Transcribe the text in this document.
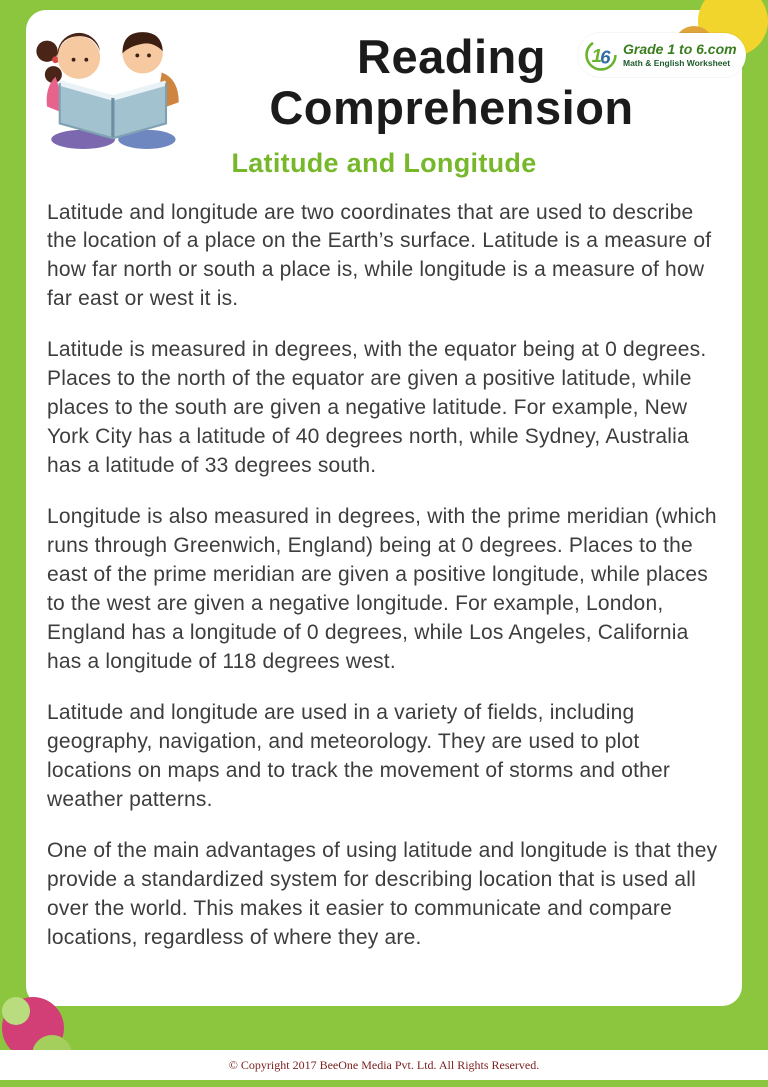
1
6 Grade 1 to 6.com
Math & English Worksheet
Reading
Comprehension
Latitude and Longitude

Latitude and longitude are two coordinates that are used to describe the location of a place on the Earth’s surface. Latitude is a measure of how far north or south a place is, while longitude is a measure of how far east or west it is.

Latitude is measured in degrees, with the equator being at 0 degrees. Places to the north of the equator are given a positive latitude, while places to the south are given a negative latitude. For example, New York City has a latitude of 40 degrees north, while Sydney, Australia has a latitude of 33 degrees south.

Longitude is also measured in degrees, with the prime meridian (which runs through Greenwich, England) being at 0 degrees. Places to the east of the prime meridian are given a positive longitude, while places to the west are given a negative longitude. For example, London, England has a longitude of 0 degrees, while Los Angeles, California has a longitude of 118 degrees west.

Latitude and longitude are used in a variety of fields, including geography, navigation, and meteorology. They are used to plot locations on maps and to track the movement of storms and other weather patterns.

One of the main advantages of using latitude and longitude is that they provide a standardized system for describing location that is used all over the world. This makes it easier to communicate and compare locations, regardless of where they are.

© Copyright 2017 BeeOne Media Pvt. Ltd. All Rights Reserved.
